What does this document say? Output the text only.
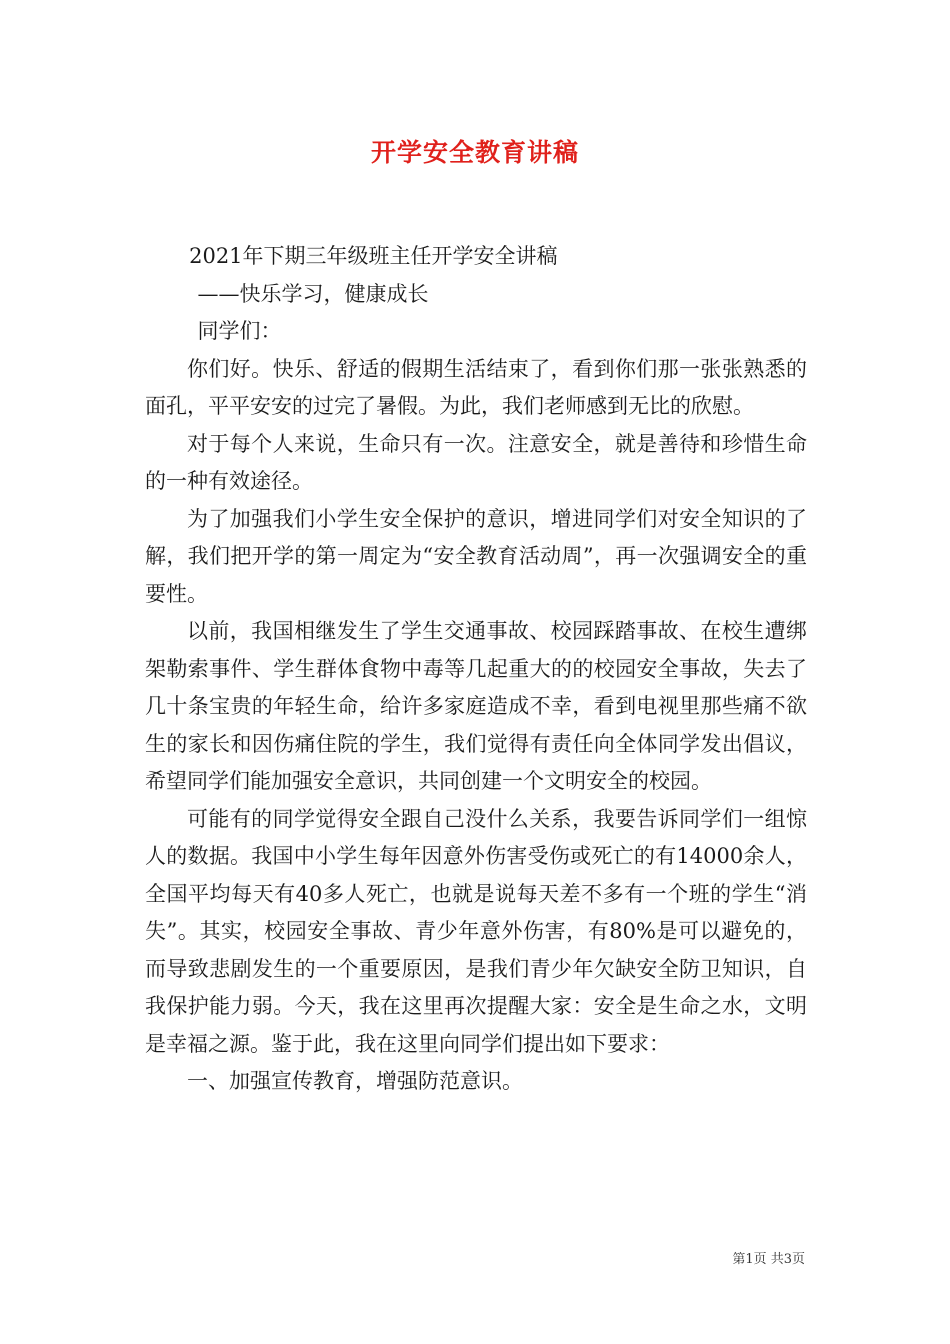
开学安全教育讲稿

2021年下期三年级班主任开学安全讲稿

——快乐学习，健康成长

同学们：

你们好。快乐、舒适的假期生活结束了，看到你们那一张张熟悉的面孔，平平安安的过完了暑假。为此，我们老师感到无比的欣慰。

对于每个人来说，生命只有一次。注意安全，就是善待和珍惜生命的一种有效途径。

为了加强我们小学生安全保护的意识，增进同学们对安全知识的了解，我们把开学的第一周定为“安全教育活动周”，再一次强调安全的重要性。

以前，我国相继发生了学生交通事故、校园踩踏事故、在校生遭绑架勒索事件、学生群体食物中毒等几起重大的的校园安全事故，失去了几十条宝贵的年轻生命，给许多家庭造成不幸，看到电视里那些痛不欲生的家长和因伤痛住院的学生，我们觉得有责任向全体同学发出倡议，希望同学们能加强安全意识，共同创建一个文明安全的校园。

可能有的同学觉得安全跟自己没什么关系，我要告诉同学们一组惊人的数据。我国中小学生每年因意外伤害受伤或死亡的有14000余人，全国平均每天有40多人死亡，也就是说每天差不多有一个班的学生“消失”。其实，校园安全事故、青少年意外伤害，有80%是可以避免的，而导致悲剧发生的一个重要原因，是我们青少年欠缺安全防卫知识，自我保护能力弱。今天，我在这里再次提醒大家：安全是生命之水，文明是幸福之源。鉴于此，我在这里向同学们提出如下要求：

一、加强宣传教育，增强防范意识。

第1页 共3页
